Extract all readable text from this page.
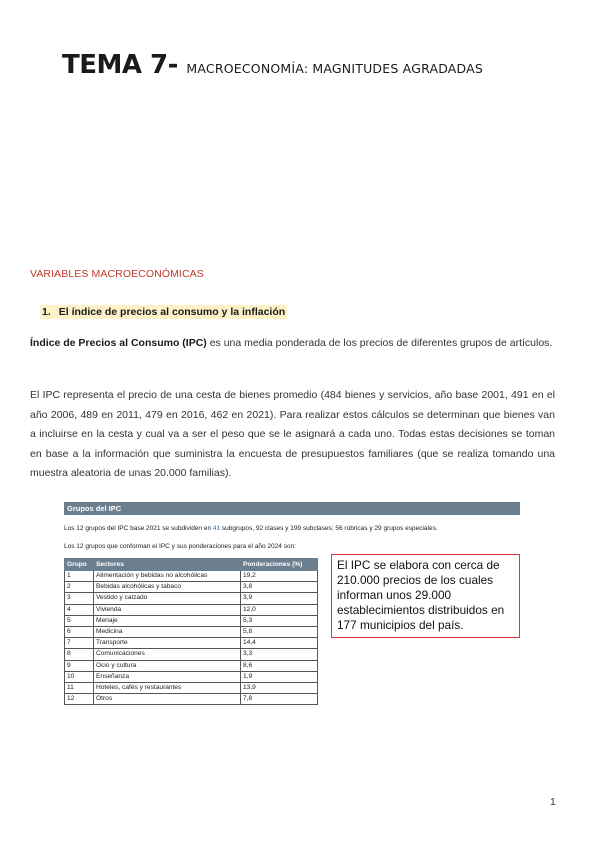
TEMA 7- MACROECONOMÍA: MAGNITUDES AGRADADAS
VARIABLES MACROECONÓMICAS
1. El índice de precios al consumo y la inflación
Índice de Precios al Consumo (IPC) es una media ponderada de los precios de diferentes grupos de artículos.
El IPC representa el precio de una cesta de bienes promedio (484 bienes y servicios, año base 2001, 491 en el año 2006, 489 en 2011, 479 en 2016, 462 en 2021). Para realizar estos cálculos se determinan que bienes van a incluirse en la cesta y cual va a ser el peso que se le asignará a cada uno. Todas estas decisiones se toman en base a la información que suministra la encuesta de presupuestos familiares (que se realiza tomando una muestra aleatoria de unas 20.000 familias).
Grupos del IPC
Los 12 grupos del IPC base 2021 se subdividen en 41 subgrupos, 92 clases y 199 subclases; 56 rúbricas y 29 grupos especiales.
Los 12 grupos que conforman el IPC y sus ponderaciones para el año 2024 son:
Grupo	Sectores	Ponderaciones (%)
1	Alimentación y bebidas no alcohólicas	19,2
2	Bebidas alcohólicas y tabaco	3,8
3	Vestido y calzado	3,9
4	Vivienda	12,0
5	Menaje	5,3
6	Medicina	5,8
7	Transporte	14,4
8	Comunicaciones	3,3
9	Ocio y cultura	8,6
10	Enseñanza	1,9
11	Hoteles, cafés y restaurantes	13,9
12	Otros	7,8
El IPC se elabora con cerca de 210.000 precios de los cuales informan unos 29.000 establecimientos distribuidos en 177 municipios del país.
1
